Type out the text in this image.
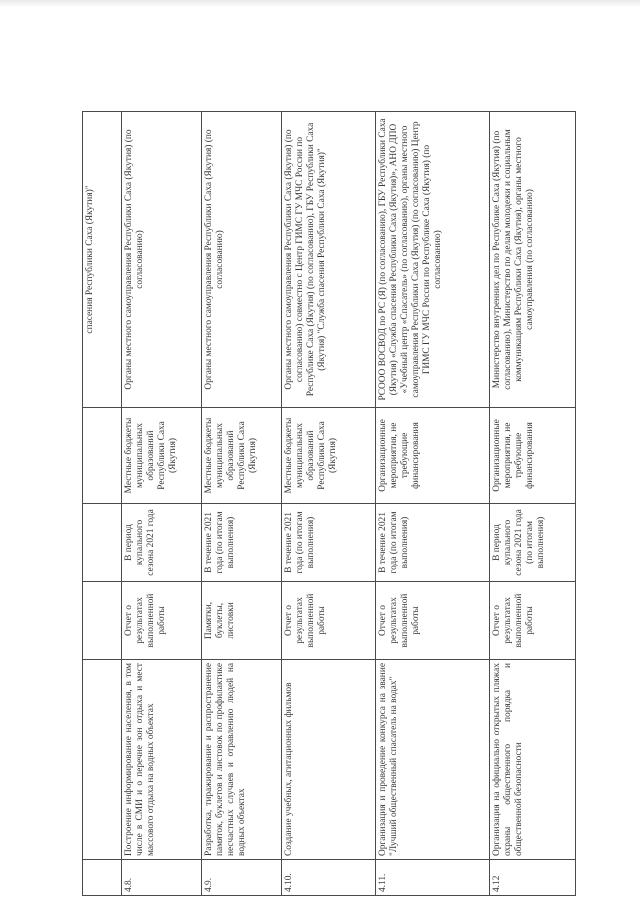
					спасения Республики Саха (Якутия)"
4.8.	Построение информирование населения, в том числе в СМИ и о перечне зон отдыха и мест массового отдыха на водных объектах	Отчет о результатах выполненной работы	В период купального сезона 2021 года	Местные бюджеты муниципальных образований Республики Саха (Якутия)	Органы местного самоуправления Республики Саха (Якутия) (по согласованию)
4.9.	Разработка, тиражирование и распространение памяток, буклетов и листовок по профилактике несчастных случаев и отравлению людей на водных объектах	Памятки, буклеты, листовки	В течение 2021 года (по итогам выполнения)	Местные бюджеты муниципальных образований Республики Саха (Якутия)	Органы местного самоуправления Республики Саха (Якутия) (по согласованию)
4.10.	Создание учебных, агитационных фильмов	Отчет о результатах выполненной работы	В течение 2021 года (по итогам выполнения)	Местные бюджеты муниципальных образований Республики Саха (Якутия)	Органы местного самоуправления Республики Саха (Якутия) (по согласованию) совместно с Центр ГИМС ГУ МЧС России по Республике Саха (Якутия) (по согласованию), ГБУ Республики Саха (Якутия) "Служба спасения Республики Саха (Якутия)"
4.11.	Организация и проведение конкурса на звание "Лучший общественный спасатель на водах"	Отчет о результатах выполненной работы	В течение 2021 года (по итогам выполнения)	Организационные мероприятия, не требующие финансирования	РСООО ВОСВОД по РС (Я) (по согласованию), ГБУ Республики Саха (Якутия) «Служба спасения Республики Саха (Якутия)», АНО ДПО «Учебный центр «Спасатель» (по согласованию), органы местного самоуправления Республики Саха (Якутия) (по согласованию) Центр ГИМС ГУ МЧС России по Республике Саха (Якутия) (по согласованию)
4.12	Организация на официально открытых пляжах охраны общественного порядка и общественной безопасности	Отчет о результатах выполненной работы	В период купального сезона 2021 года (по итогам выполнения)	Организационные мероприятия, не требующие финансирования	Министерство внутренних дел по Республике Саха (Якутия) (по согласованию), Министерство по делам молодежи и социальным коммуникациям Республики Саха (Якутия), органы местного самоуправления (по согласованию)
